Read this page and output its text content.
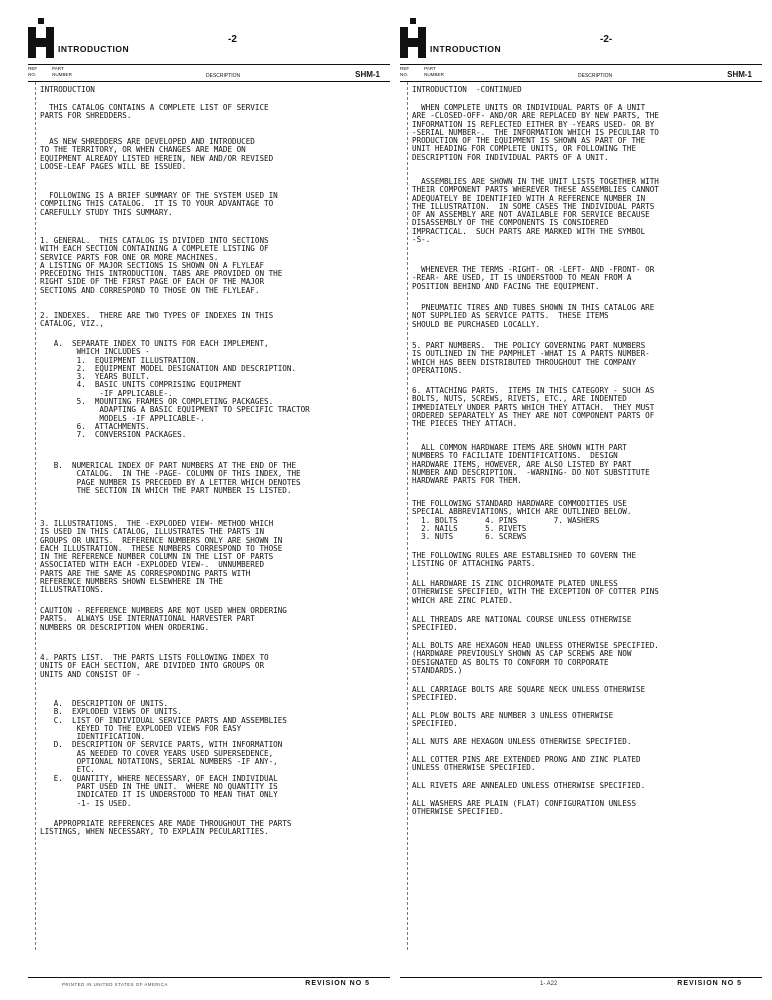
INTRODUCTION
-2
REF
NO.
PART
NUMBER	DESCRIPTION	SHM-1

INTRODUCTION

THIS CATALOG CONTAINS A COMPLETE LIST OF SERVICE
PARTS FOR SHREDDERS.

AS NEW SHREDDERS ARE DEVELOPED AND INTRODUCED
TO THE TERRITORY, OR WHEN CHANGES ARE MADE ON
EQUIPMENT ALREADY LISTED HEREIN, NEW AND/OR REVISED
LOOSE-LEAF PAGES WILL BE ISSUED.

FOLLOWING IS A BRIEF SUMMARY OF THE SYSTEM USED IN
COMPILING THIS CATALOG.  IT IS TO YOUR ADVANTAGE TO
CAREFULLY STUDY THIS SUMMARY.

1. GENERAL.  THIS CATALOG IS DIVIDED INTO SECTIONS
WITH EACH SECTION CONTAINING A COMPLETE LISTING OF
SERVICE PARTS FOR ONE OR MORE MACHINES.
A LISTING OF MAJOR SECTIONS IS SHOWN ON A FLYLEAF
PRECEDING THIS INTRODUCTION. TABS ARE PROVIDED ON THE
RIGHT SIDE OF THE FIRST PAGE OF EACH OF THE MAJOR
SECTIONS AND CORRESPOND TO THOSE ON THE FLYLEAF.

2. INDEXES.  THERE ARE TWO TYPES OF INDEXES IN THIS
CATALOG, VIZ.,

A.  SEPARATE INDEX TO UNITS FOR EACH IMPLEMENT,
WHICH INCLUDES -
1.  EQUIPMENT ILLUSTRATION.
2.  EQUIPMENT MODEL DESIGNATION AND DESCRIPTION.
3.  YEARS BUILT.
4.  BASIC UNITS COMPRISING EQUIPMENT
-IF APPLICABLE-.
5.  MOUNTING FRAMES OR COMPLETING PACKAGES.
ADAPTING A BASIC EQUIPMENT TO SPECIFIC TRACTOR
MODELS -IF APPLICABLE-.
6.  ATTACHMENTS.
7.  CONVERSION PACKAGES.

B.  NUMERICAL INDEX OF PART NUMBERS AT THE END OF THE
CATALOG.  IN THE -PAGE- COLUMN OF THIS INDEX, THE
PAGE NUMBER IS PRECEDED BY A LETTER WHICH DENOTES
THE SECTION IN WHICH THE PART NUMBER IS LISTED.

3. ILLUSTRATIONS.  THE -EXPLODED VIEW- METHOD WHICH
IS USED IN THIS CATALOG, ILLUSTRATES THE PARTS IN
GROUPS OR UNITS.  REFERENCE NUMBERS ONLY ARE SHOWN IN
EACH ILLUSTRATION.  THESE NUMBERS CORRESPOND TO THOSE
IN THE REFERENCE NUMBER COLUMN IN THE LIST OF PARTS
ASSOCIATED WITH EACH -EXPLODED VIEW-.  UNNUMBERED
PARTS ARE THE SAME AS CORRESPONDING PARTS WITH
REFERENCE NUMBERS SHOWN ELSEWHERE IN THE
ILLUSTRATIONS.

CAUTION - REFERENCE NUMBERS ARE NOT USED WHEN ORDERING
PARTS.  ALWAYS USE INTERNATIONAL HARVESTER PART
NUMBERS OR DESCRIPTION WHEN ORDERING.

4. PARTS LIST.  THE PARTS LISTS FOLLOWING INDEX TO
UNITS OF EACH SECTION, ARE DIVIDED INTO GROUPS OR
UNITS AND CONSIST OF -

A.  DESCRIPTION OF UNITS.
B.  EXPLODED VIEWS OF UNITS.
C.  LIST OF INDIVIDUAL SERVICE PARTS AND ASSEMBLIES
KEYED TO THE EXPLODED VIEWS FOR EASY
IDENTIFICATION.
D.  DESCRIPTION OF SERVICE PARTS, WITH INFORMATION
AS NEEDED TO COVER YEARS USED SUPERSEDENCE,
OPTIONAL NOTATIONS, SERIAL NUMBERS -IF ANY-,
ETC.
E.  QUANTITY, WHERE NECESSARY, OF EACH INDIVIDUAL
PART USED IN THE UNIT.  WHERE NO QUANTITY IS
INDICATED IT IS UNDERSTOOD TO MEAN THAT ONLY
-1- IS USED.

APPROPRIATE REFERENCES ARE MADE THROUGHOUT THE PARTS
LISTINGS, WHEN NECESSARY, TO EXPLAIN PECULARITIES.

PRINTED IN UNITED STATES OF AMERICA	REVISION NO 5
INTRODUCTION
-2-
REF.
NO.
PART
NUMBER	DESCRIPTION	SHM-1

INTRODUCTION  -CONTINUED

WHEN COMPLETE UNITS OR INDIVIDUAL PARTS OF A UNIT
ARE -CLOSED-OFF- AND/OR ARE REPLACED BY NEW PARTS, THE
INFORMATION IS REFLECTED EITHER BY -YEARS USED- OR BY
-SERIAL NUMBER-.  THE INFORMATION WHICH IS PECULIAR TO
PRODUCTION OF THE EQUIPMENT IS SHOWN AS PART OF THE
UNIT HEADING FOR COMPLETE UNITS, OR FOLLOWING THE
DESCRIPTION FOR INDIVIDUAL PARTS OF A UNIT.

ASSEMBLIES ARE SHOWN IN THE UNIT LISTS TOGETHER WITH
THEIR COMPONENT PARTS WHEREVER THESE ASSEMBLIES CANNOT
ADEQUATELY BE IDENTIFIED WITH A REFERENCE NUMBER IN
THE ILLUSTRATION.  IN SOME CASES THE INDIVIDUAL PARTS
OF AN ASSEMBLY ARE NOT AVAILABLE FOR SERVICE BECAUSE
DISASSEMBLY OF THE COMPONENTS IS CONSIDERED
IMPRACTICAL.  SUCH PARTS ARE MARKED WITH THE SYMBOL
-S-.

WHENEVER THE TERMS -RIGHT- OR -LEFT- AND -FRONT- OR
-REAR- ARE USED, IT IS UNDERSTOOD TO MEAN FROM A
POSITION BEHIND AND FACING THE EQUIPMENT.

PNEUMATIC TIRES AND TUBES SHOWN IN THIS CATALOG ARE
NOT SUPPLIED AS SERVICE PATTS.  THESE ITEMS
SHOULD BE PURCHASED LOCALLY.

5. PART NUMBERS.  THE POLICY GOVERNING PART NUMBERS
IS OUTLINED IN THE PAMPHLET -WHAT IS A PARTS NUMBER-
WHICH HAS BEEN DISTRIBUTED THROUGHOUT THE COMPANY
OPERATIONS.

6. ATTACHING PARTS.  ITEMS IN THIS CATEGORY - SUCH AS
BOLTS, NUTS, SCREWS, RIVETS, ETC., ARE INDENTED
IMMEDIATELY UNDER PARTS WHICH THEY ATTACH.  THEY MUST
ORDERED SEPARATELY AS THEY ARE NOT COMPONENT PARTS OF
THE PIECES THEY ATTACH.

ALL COMMON HARDWARE ITEMS ARE SHOWN WITH PART
NUMBERS TO FACILIATE IDENTIFICATIONS.  DESIGN
HARDWARE ITEMS, HOWEVER, ARE ALSO LISTED BY PART
NUMBER AND DESCRIPTION.  -WARNING- DO NOT SUBSTITUTE
HARDWARE PARTS FOR THEM.

THE FOLLOWING STANDARD HARDWARE COMMODITIES USE
SPECIAL ABBREVIATIONS, WHICH ARE OUTLINED BELOW.
1. BOLTS      4. PINS        7. WASHERS
2. NAILS      5. RIVETS
3. NUTS       6. SCREWS

THE FOLLOWING RULES ARE ESTABLISHED TO GOVERN THE
LISTING OF ATTACHING PARTS.

ALL HARDWARE IS ZINC DICHROMATE PLATED UNLESS
OTHERWISE SPECIFIED, WITH THE EXCEPTION OF COTTER PINS
WHICH ARE ZINC PLATED.

ALL THREADS ARE NATIONAL COURSE UNLESS OTHERWISE
SPECIFIED.

ALL BOLTS ARE HEXAGON HEAD UNLESS OTHERWISE SPECIFIED.
(HARDWARE PREVIOUSLY SHOWN AS CAP SCREWS ARE NOW
DESIGNATED AS BOLTS TO CONFORM TO CORPORATE
STANDARDS.)

ALL CARRIAGE BOLTS ARE SQUARE NECK UNLESS OTHERWISE
SPECIFIED.

ALL PLOW BOLTS ARE NUMBER 3 UNLESS OTHERWISE
SPECIFIED.

ALL NUTS ARE HEXAGON UNLESS OTHERWISE SPECIFIED.

ALL COTTER PINS ARE EXTENDED PRONG AND ZINC PLATED
UNLESS OTHERWISE SPECIFIED.

ALL RIVETS ARE ANNEALED UNLESS OTHERWISE SPECIFIED.

ALL WASHERS ARE PLAIN (FLAT) CONFIGURATION UNLESS
OTHERWISE SPECIFIED.

1- A22	REVISION NO 5
